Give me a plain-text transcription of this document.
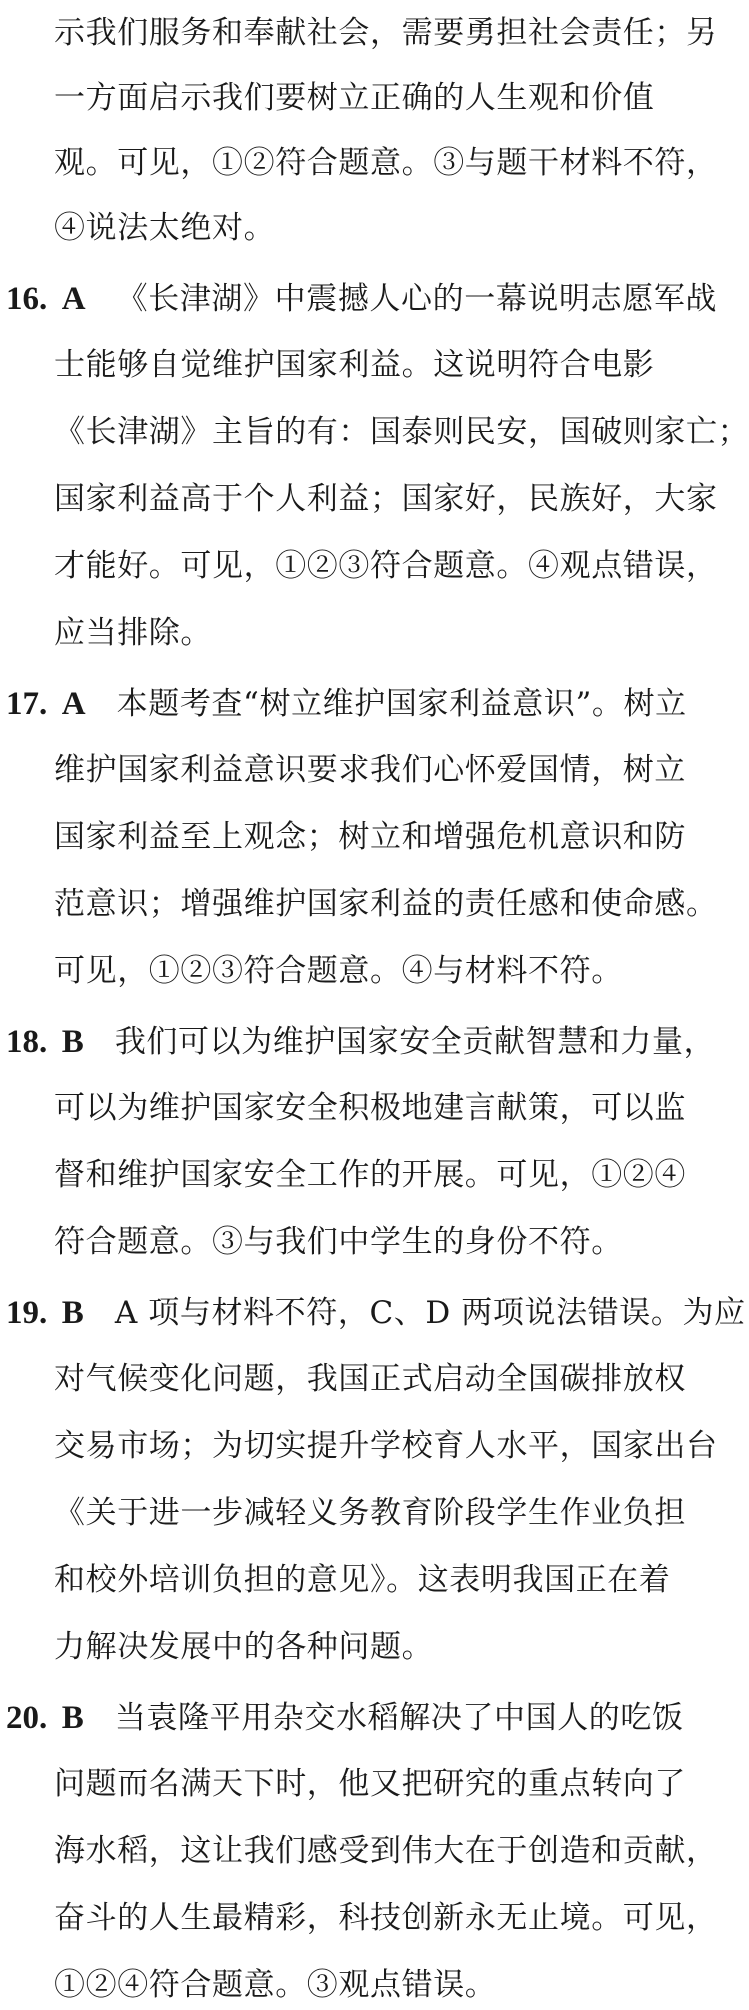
示我们服务和奉献社会，需要勇担社会责任；另
一方面启示我们要树立正确的人生观和价值
观。可见，①②符合题意。③与题干材料不符，
④说法太绝对。
16. A 《长津湖》中震撼人心的一幕说明志愿军战
士能够自觉维护国家利益。这说明符合电影
《长津湖》主旨的有：国泰则民安，国破则家亡；
国家利益高于个人利益；国家好，民族好，大家
才能好。可见，①②③符合题意。④观点错误，
应当排除。
17. A 本题考查“树立维护国家利益意识”。树立
维护国家利益意识要求我们心怀爱国情，树立
国家利益至上观念；树立和增强危机意识和防
范意识；增强维护国家利益的责任感和使命感。
可见，①②③符合题意。④与材料不符。
18. B 我们可以为维护国家安全贡献智慧和力量，
可以为维护国家安全积极地建言献策，可以监
督和维护国家安全工作的开展。可见，①②④
符合题意。③与我们中学生的身份不符。
19. B A 项与材料不符，C、D 两项说法错误。为应
对气候变化问题，我国正式启动全国碳排放权
交易市场；为切实提升学校育人水平，国家出台
《关于进一步减轻义务教育阶段学生作业负担
和校外培训负担的意见》。这表明我国正在着
力解决发展中的各种问题。
20. B 当袁隆平用杂交水稻解决了中国人的吃饭
问题而名满天下时，他又把研究的重点转向了
海水稻，这让我们感受到伟大在于创造和贡献，
奋斗的人生最精彩，科技创新永无止境。可见，
①②④符合题意。③观点错误。
